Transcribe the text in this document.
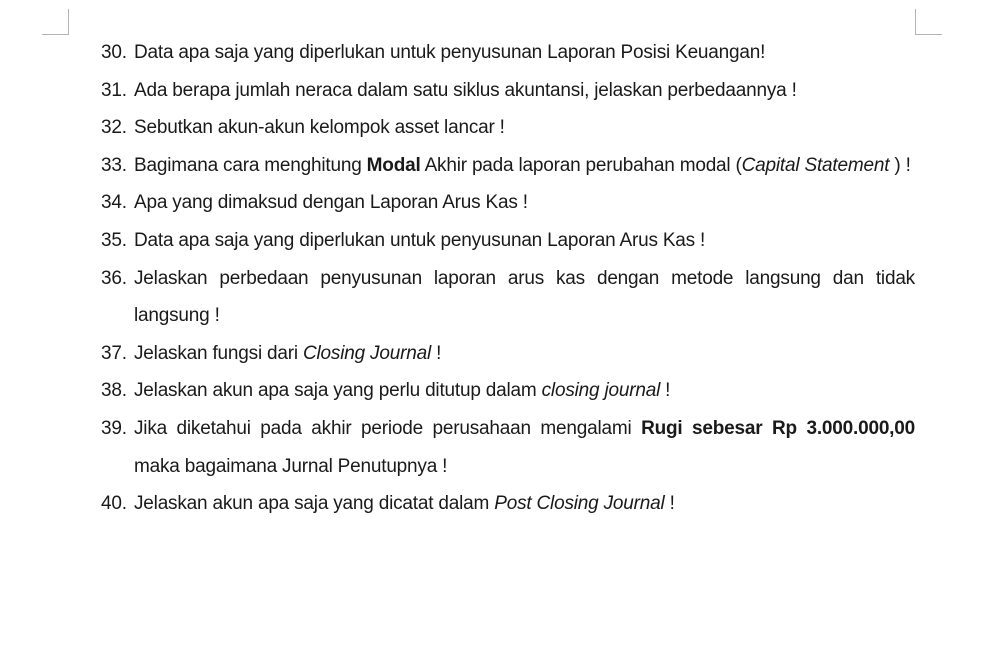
30. Data apa saja yang diperlukan untuk penyusunan Laporan Posisi Keuangan!
31. Ada berapa jumlah neraca dalam satu siklus akuntansi, jelaskan perbedaannya !
32. Sebutkan akun-akun kelompok asset lancar !
33. Bagimana cara menghitung Modal Akhir pada laporan perubahan modal (Capital Statement ) !
34. Apa yang dimaksud dengan Laporan Arus Kas !
35. Data apa saja yang diperlukan untuk penyusunan Laporan Arus Kas !
36. Jelaskan perbedaan penyusunan laporan arus kas dengan metode langsung dan tidak langsung !
37. Jelaskan fungsi dari Closing Journal !
38. Jelaskan akun apa saja yang perlu ditutup dalam closing journal !
39. Jika diketahui pada akhir periode perusahaan mengalami Rugi sebesar Rp 3.000.000,00 maka bagaimana Jurnal Penutupnya !
40. Jelaskan akun apa saja yang dicatat dalam Post Closing Journal !
